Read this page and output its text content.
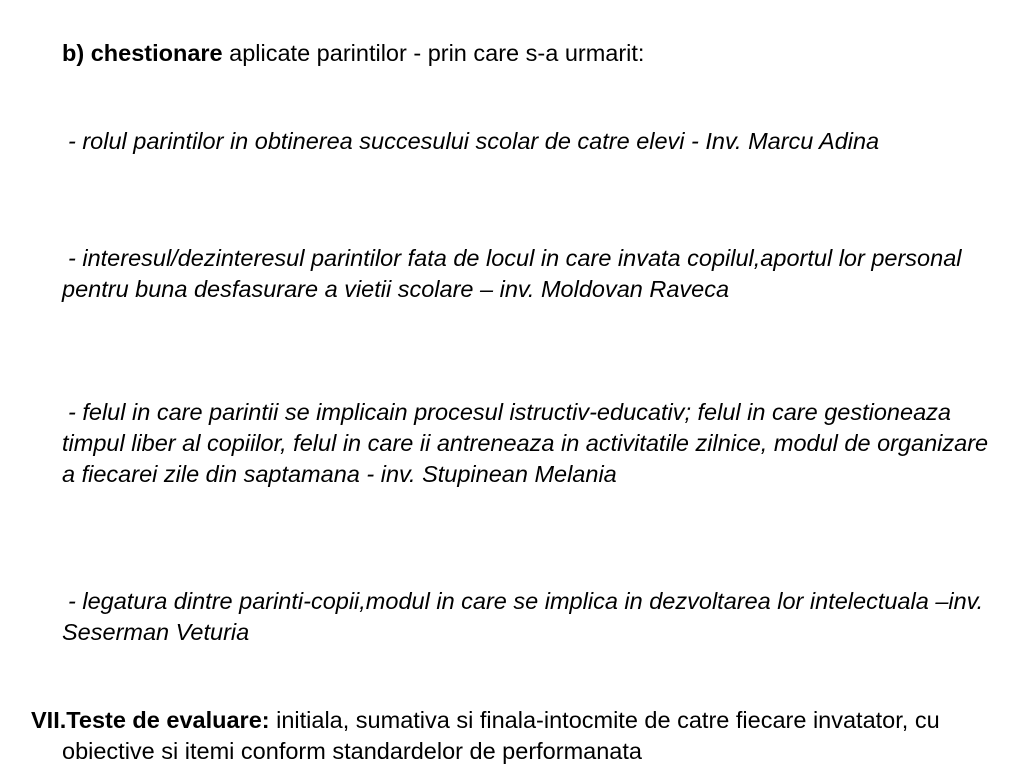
b) chestionare aplicate parintilor - prin care s-a urmarit:
- rolul parintilor in obtinerea succesului scolar de catre elevi - Inv. Marcu Adina
- interesul/dezinteresul parintilor fata de locul in care invata copilul,aportul lor personal pentru buna desfasurare a vietii scolare – inv. Moldovan Raveca
- felul in care parintii se implicain procesul istructiv-educativ; felul in care gestioneaza timpul liber al copiilor, felul in care ii antreneaza in activitatile zilnice, modul de organizare a fiecarei zile din saptamana - inv. Stupinean Melania
- legatura dintre parinti-copii,modul in care se implica in dezvoltarea lor intelectuala –inv. Seserman Veturia
VII.Teste de evaluare: initiala, sumativa si finala-intocmite de catre fiecare invatator, cu obiective si itemi conform standardelor de performanata
